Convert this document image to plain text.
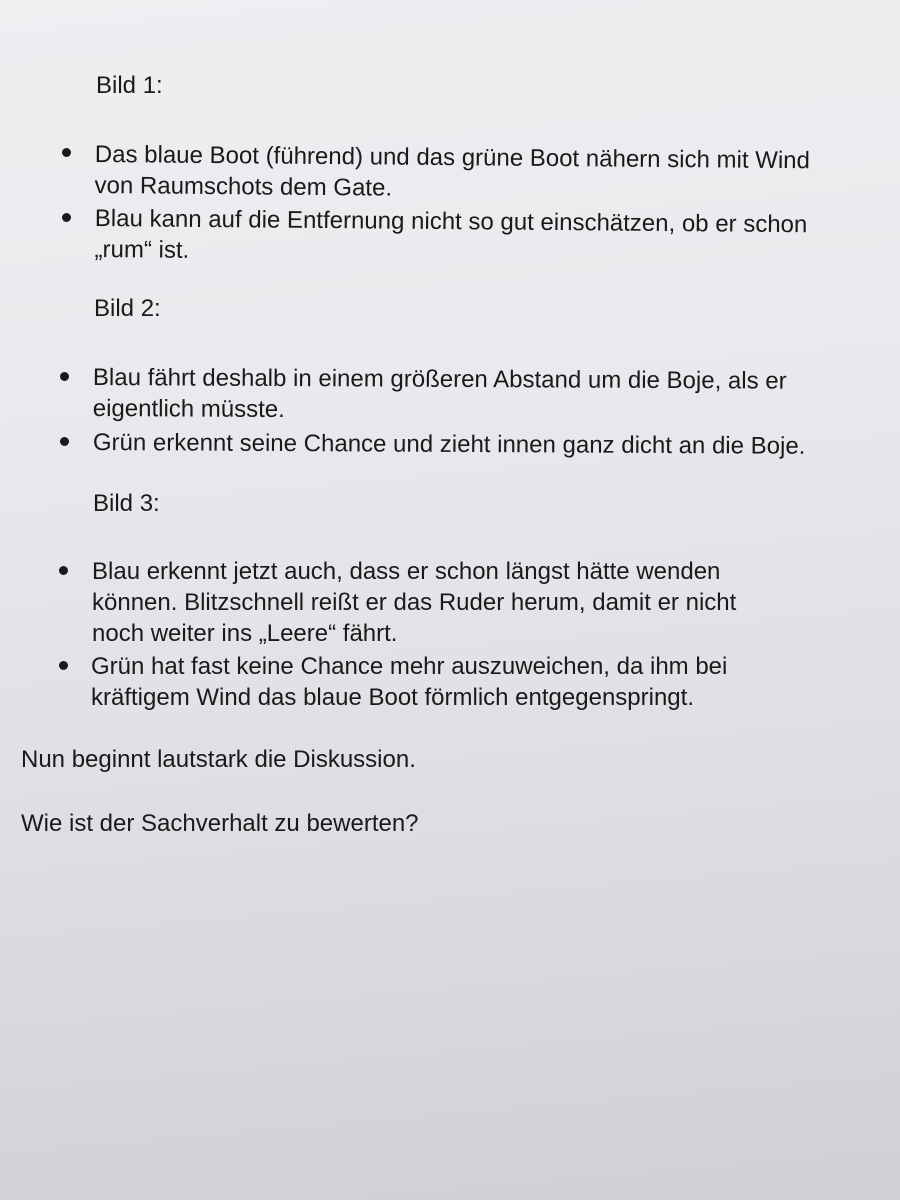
Bild 1:
Das blaue Boot (führend) und das grüne Boot nähern sich mit Wind
von Raumschots dem Gate.
Blau kann auf die Entfernung nicht so gut einschätzen, ob er schon
„rum“ ist.
Bild 2:
Blau fährt deshalb in einem größeren Abstand um die Boje, als er
eigentlich müsste.
Grün erkennt seine Chance und zieht innen ganz dicht an die Boje.
Bild 3:
Blau erkennt jetzt auch, dass er schon längst hätte wenden
können. Blitzschnell reißt er das Ruder herum, damit er nicht
noch weiter ins „Leere“ fährt.
Grün hat fast keine Chance mehr auszuweichen, da ihm bei
kräftigem Wind das blaue Boot förmlich entgegenspringt.
Nun beginnt lautstark die Diskussion.
Wie ist der Sachverhalt zu bewerten?
